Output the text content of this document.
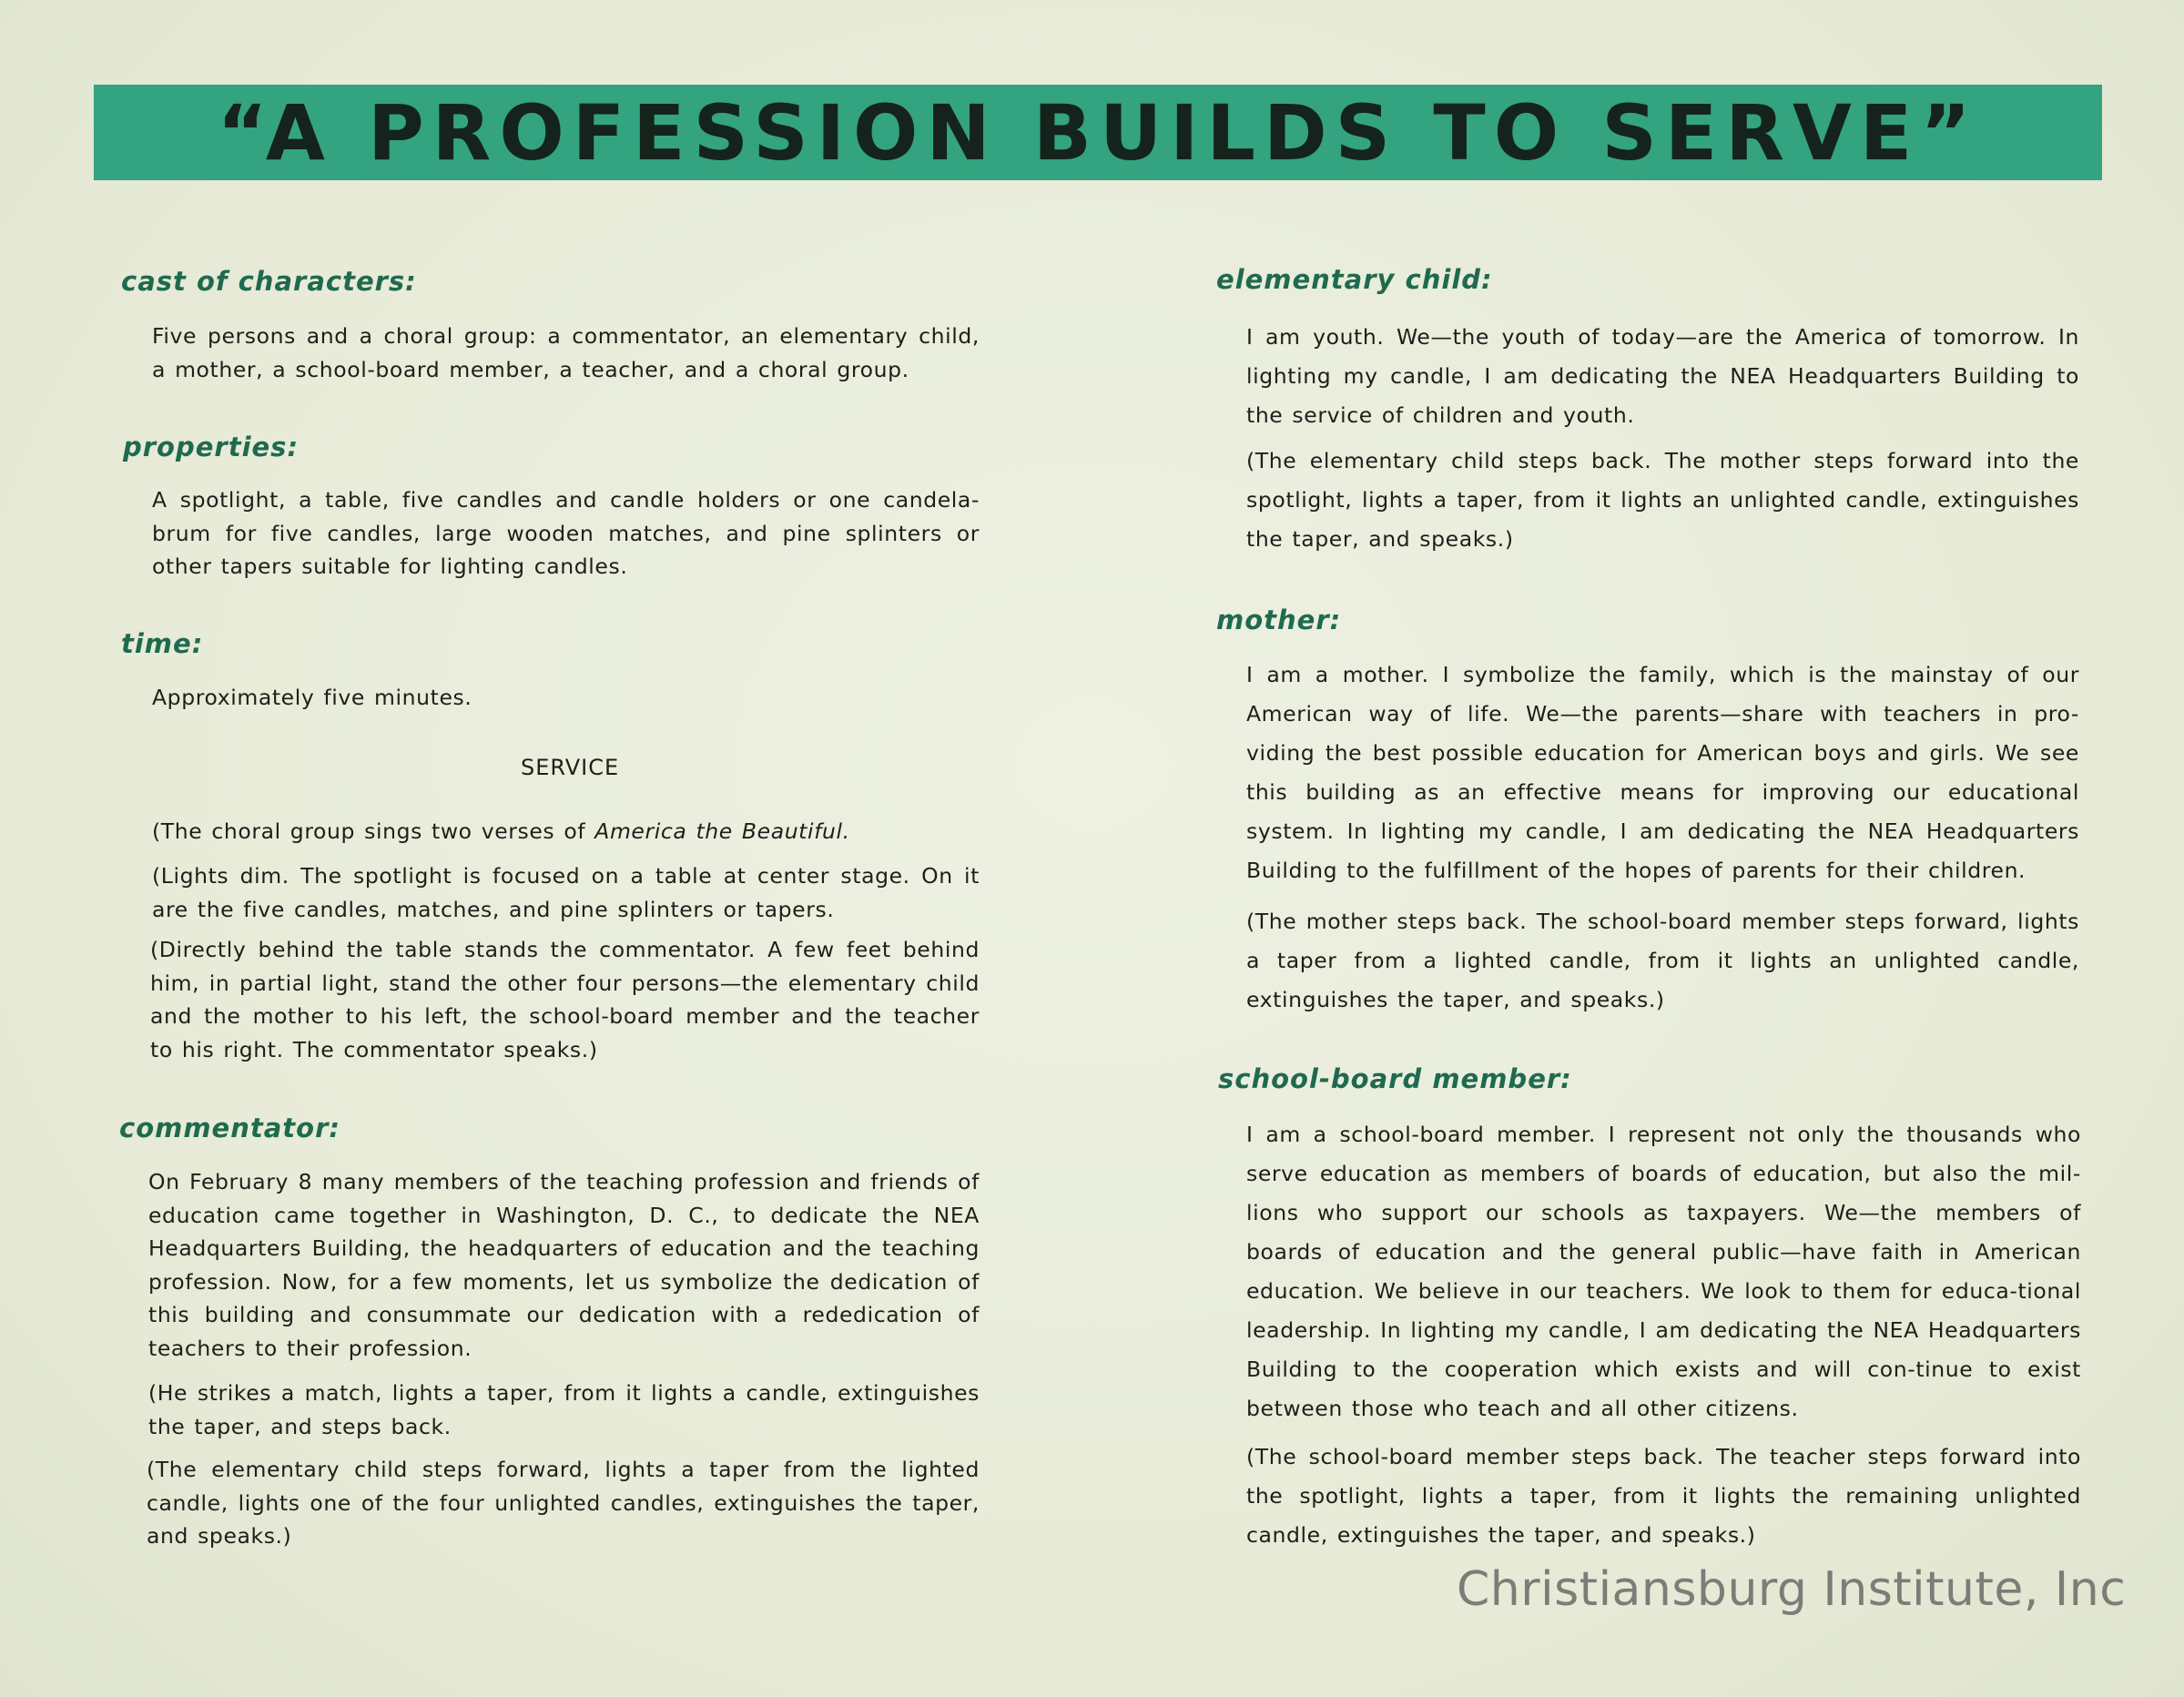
“A PROFESSION BUILDS TO SERVE”
cast of characters:

Five persons and a choral group: a commentator, an elementary child, a mother, a school-board member, a teacher, and a choral group.

properties:

A spotlight, a table, five candles and candle holders or one candela-brum for five candles, large wooden matches, and pine splinters or other tapers suitable for lighting candles.

time:

Approximately five minutes.

SERVICE

(The choral group sings two verses of America the Beautiful.

(Lights dim. The spotlight is focused on a table at center stage. On it are the five candles, matches, and pine splinters or tapers.

(Directly behind the table stands the commentator. A few feet behind him, in partial light, stand the other four persons—the elementary child and the mother to his left, the school-board member and the teacher to his right. The commentator speaks.)

commentator:

On February 8 many members of the teaching profession and friends of education came together in Washington, D. C., to dedicate the NEA Headquarters Building, the headquarters of education and the teaching profession. Now, for a few moments, let us symbolize the dedication of this building and consummate our dedication with a rededication of teachers to their profession.

(He strikes a match, lights a taper, from it lights a candle, extinguishes the taper, and steps back.

(The elementary child steps forward, lights a taper from the lighted candle, lights one of the four unlighted candles, extinguishes the taper, and speaks.)

elementary child:

I am youth. We—the youth of today—are the America of tomorrow. In lighting my candle, I am dedicating the NEA Headquarters Building to the service of children and youth.

(The elementary child steps back. The mother steps forward into the spotlight, lights a taper, from it lights an unlighted candle, extinguishes the taper, and speaks.)

mother:

I am a mother. I symbolize the family, which is the mainstay of our American way of life. We—the parents—share with teachers in pro-viding the best possible education for American boys and girls. We see this building as an effective means for improving our educational system. In lighting my candle, I am dedicating the NEA Headquarters Building to the fulfillment of the hopes of parents for their children.

(The mother steps back. The school-board member steps forward, lights a taper from a lighted candle, from it lights an unlighted candle, extinguishes the taper, and speaks.)

school-board member:

I am a school-board member. I represent not only the thousands who serve education as members of boards of education, but also the mil-lions who support our schools as taxpayers. We—the members of boards of education and the general public—have faith in American education. We believe in our teachers. We look to them for educa-tional leadership. In lighting my candle, I am dedicating the NEA Headquarters Building to the cooperation which exists and will con-tinue to exist between those who teach and all other citizens.

(The school-board member steps back. The teacher steps forward into the spotlight, lights a taper, from it lights the remaining unlighted candle, extinguishes the taper, and speaks.)

Christiansburg Institute, Inc
